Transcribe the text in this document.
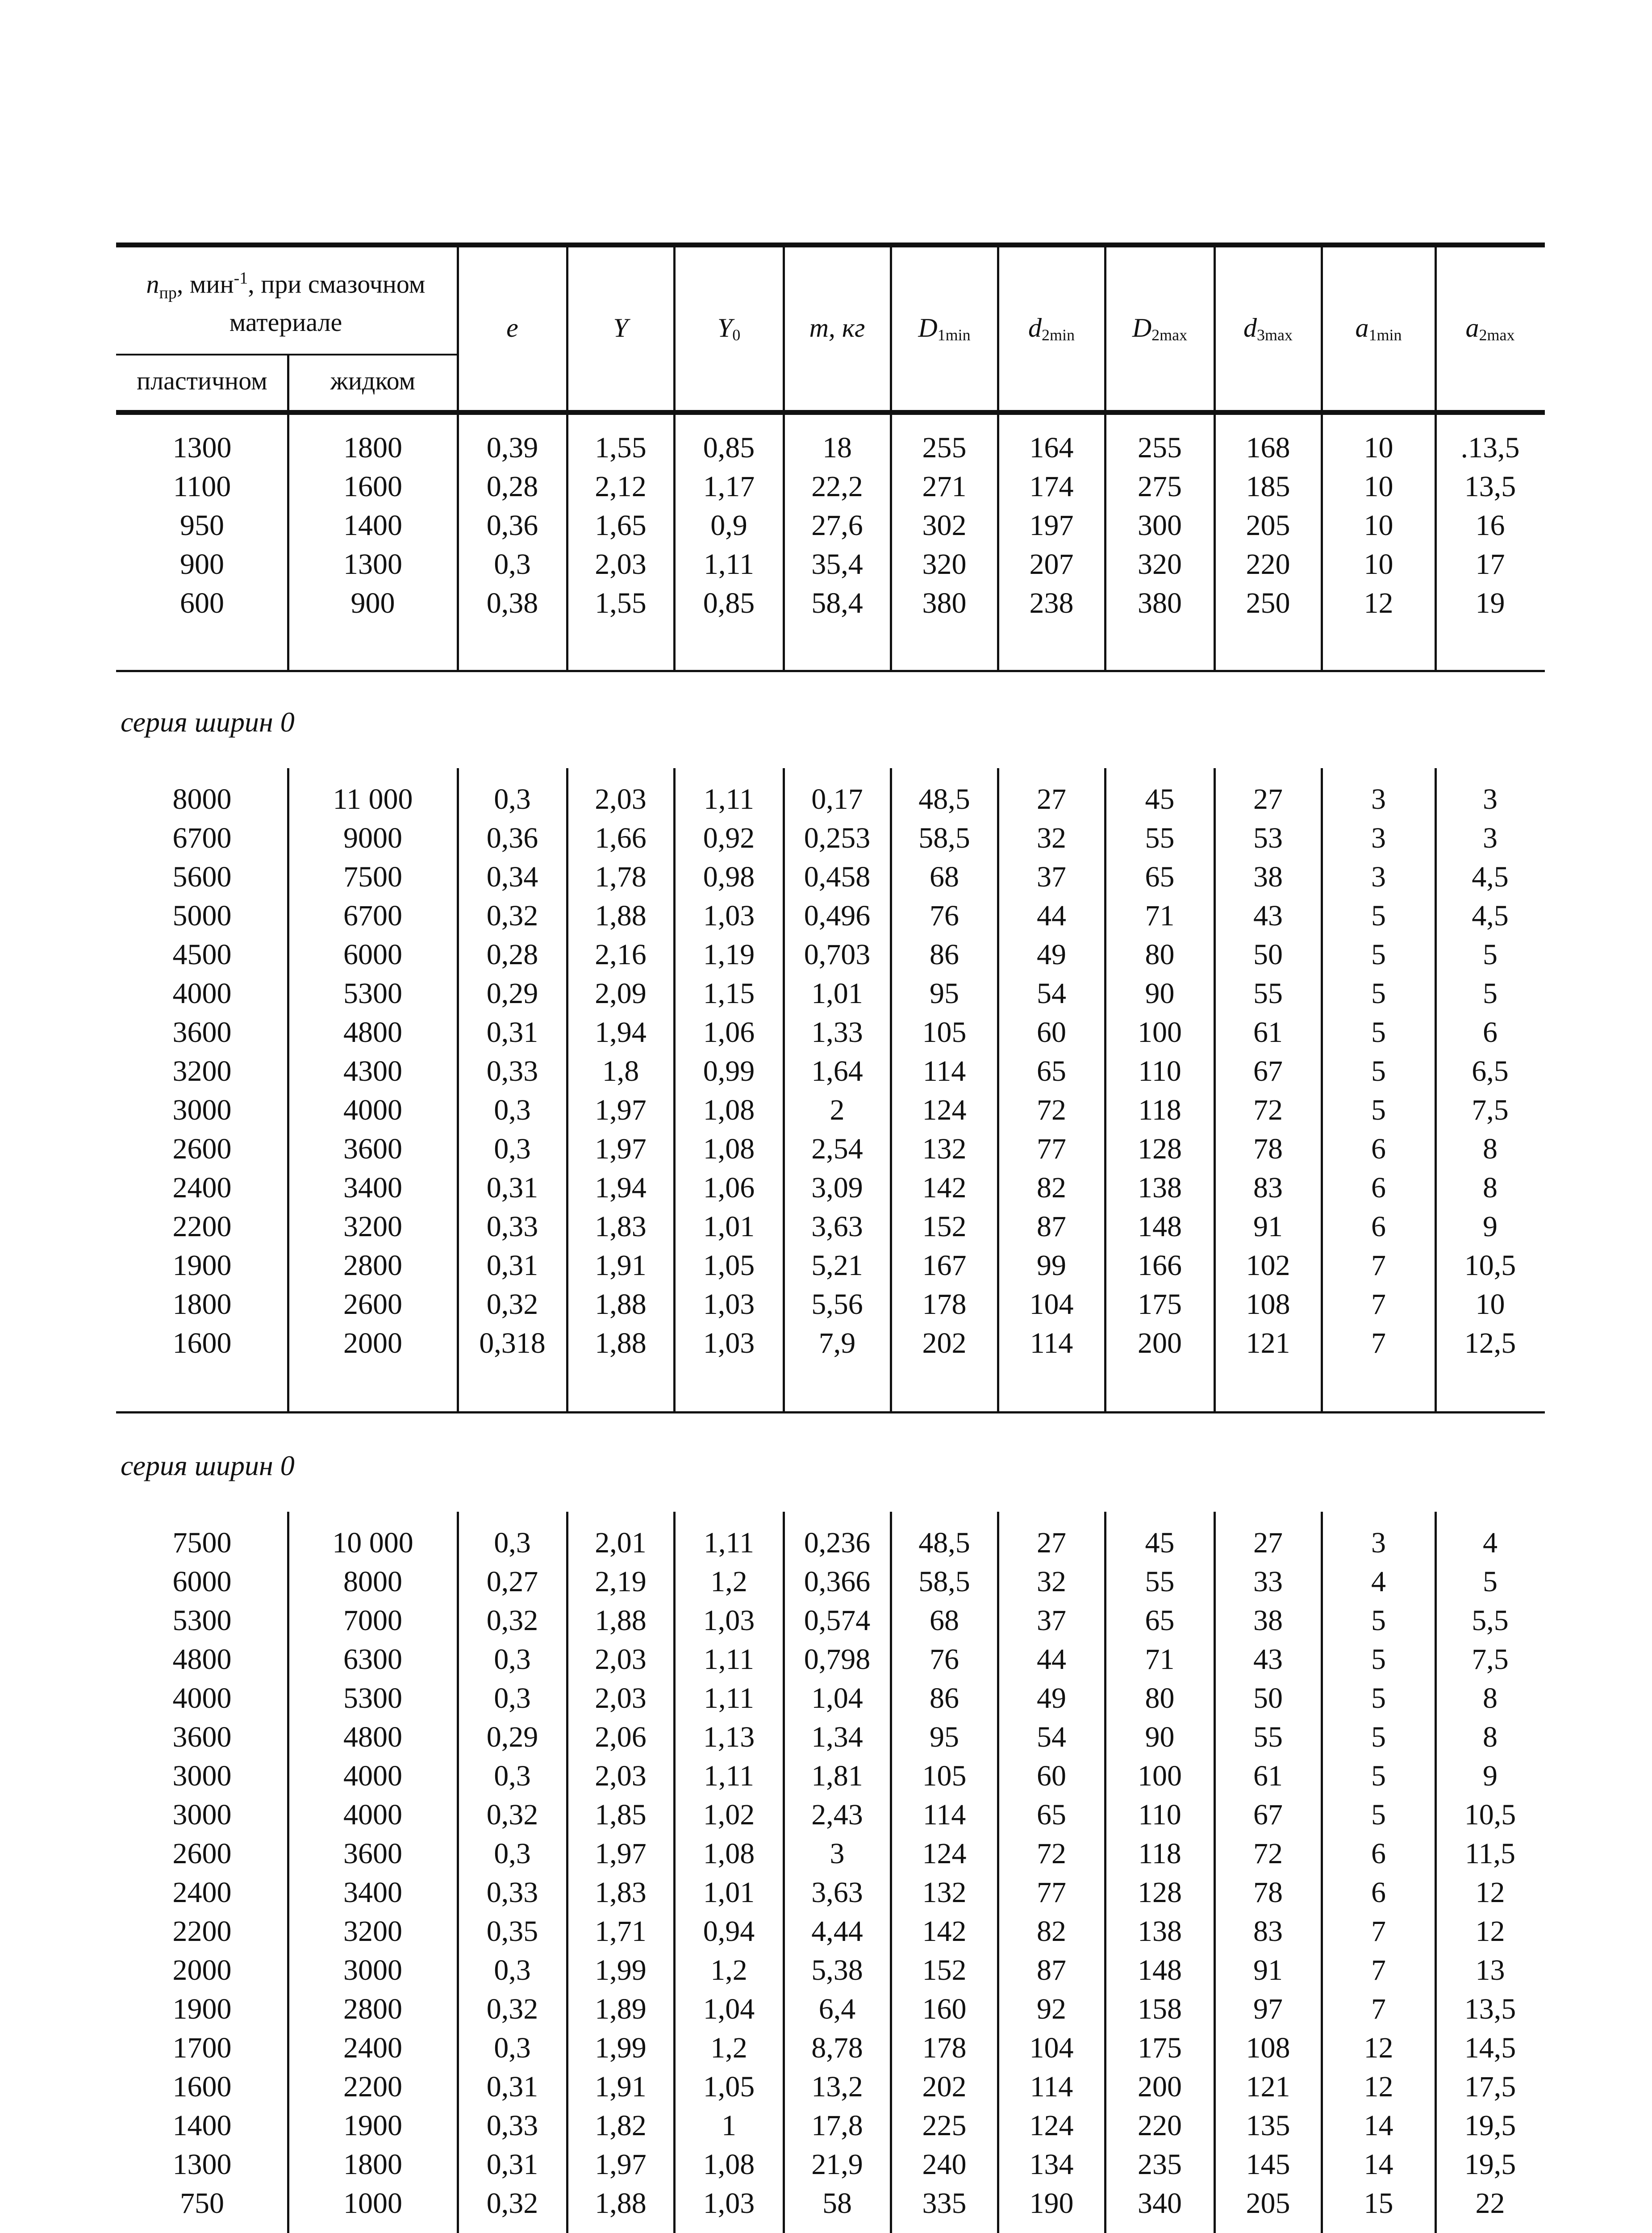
$n_{пр}$, мин$^{-1}$, при смазочном
материале
пластичном	жидком
e	Y	$Y_0$	m, кг	$D_{1min}$	$d_{2min}$	$D_{2max}$	$d_{3max}$	$a_{1min}$	$a_{2max}$
1300	1800	0,39	1,55	0,85	18	255	164	255	168	10	.13,5
1100	1600	0,28	2,12	1,17	22,2	271	174	275	185	10	13,5
950	1400	0,36	1,65	0,9	27,6	302	197	300	205	10	16
900	1300	0,3	2,03	1,11	35,4	320	207	320	220	10	17
600	900	0,38	1,55	0,85	58,4	380	238	380	250	12	19
серия ширин 0
8000	11 000	0,3	2,03	1,11	0,17	48,5	27	45	27	3	3
6700	9000	0,36	1,66	0,92	0,253	58,5	32	55	53	3	3
5600	7500	0,34	1,78	0,98	0,458	68	37	65	38	3	4,5
5000	6700	0,32	1,88	1,03	0,496	76	44	71	43	5	4,5
4500	6000	0,28	2,16	1,19	0,703	86	49	80	50	5	5
4000	5300	0,29	2,09	1,15	1,01	95	54	90	55	5	5
3600	4800	0,31	1,94	1,06	1,33	105	60	100	61	5	6
3200	4300	0,33	1,8	0,99	1,64	114	65	110	67	5	6,5
3000	4000	0,3	1,97	1,08	2	124	72	118	72	5	7,5
2600	3600	0,3	1,97	1,08	2,54	132	77	128	78	6	8
2400	3400	0,31	1,94	1,06	3,09	142	82	138	83	6	8
2200	3200	0,33	1,83	1,01	3,63	152	87	148	91	6	9
1900	2800	0,31	1,91	1,05	5,21	167	99	166	102	7	10,5
1800	2600	0,32	1,88	1,03	5,56	178	104	175	108	7	10
1600	2000	0,318	1,88	1,03	7,9	202	114	200	121	7	12,5
серия ширин 0
7500	10 000	0,3	2,01	1,11	0,236	48,5	27	45	27	3	4
6000	8000	0,27	2,19	1,2	0,366	58,5	32	55	33	4	5
5300	7000	0,32	1,88	1,03	0,574	68	37	65	38	5	5,5
4800	6300	0,3	2,03	1,11	0,798	76	44	71	43	5	7,5
4000	5300	0,3	2,03	1,11	1,04	86	49	80	50	5	8
3600	4800	0,29	2,06	1,13	1,34	95	54	90	55	5	8
3000	4000	0,3	2,03	1,11	1,81	105	60	100	61	5	9
3000	4000	0,32	1,85	1,02	2,43	114	65	110	67	5	10,5
2600	3600	0,3	1,97	1,08	3	124	72	118	72	6	11,5
2400	3400	0,33	1,83	1,01	3,63	132	77	128	78	6	12
2200	3200	0,35	1,71	0,94	4,44	142	82	138	83	7	12
2000	3000	0,3	1,99	1,2	5,38	152	87	148	91	7	13
1900	2800	0,32	1,89	1,04	6,4	160	92	158	97	7	13,5
1700	2400	0,3	1,99	1,2	8,78	178	104	175	108	12	14,5
1600	2200	0,31	1,91	1,05	13,2	202	114	200	121	12	17,5
1400	1900	0,33	1,82	1	17,8	225	124	220	135	14	19,5
1300	1800	0,31	1,97	1,08	21,9	240	134	235	145	14	19,5
750	1000	0,32	1,88	1,03	58	335	190	340	205	15	22
